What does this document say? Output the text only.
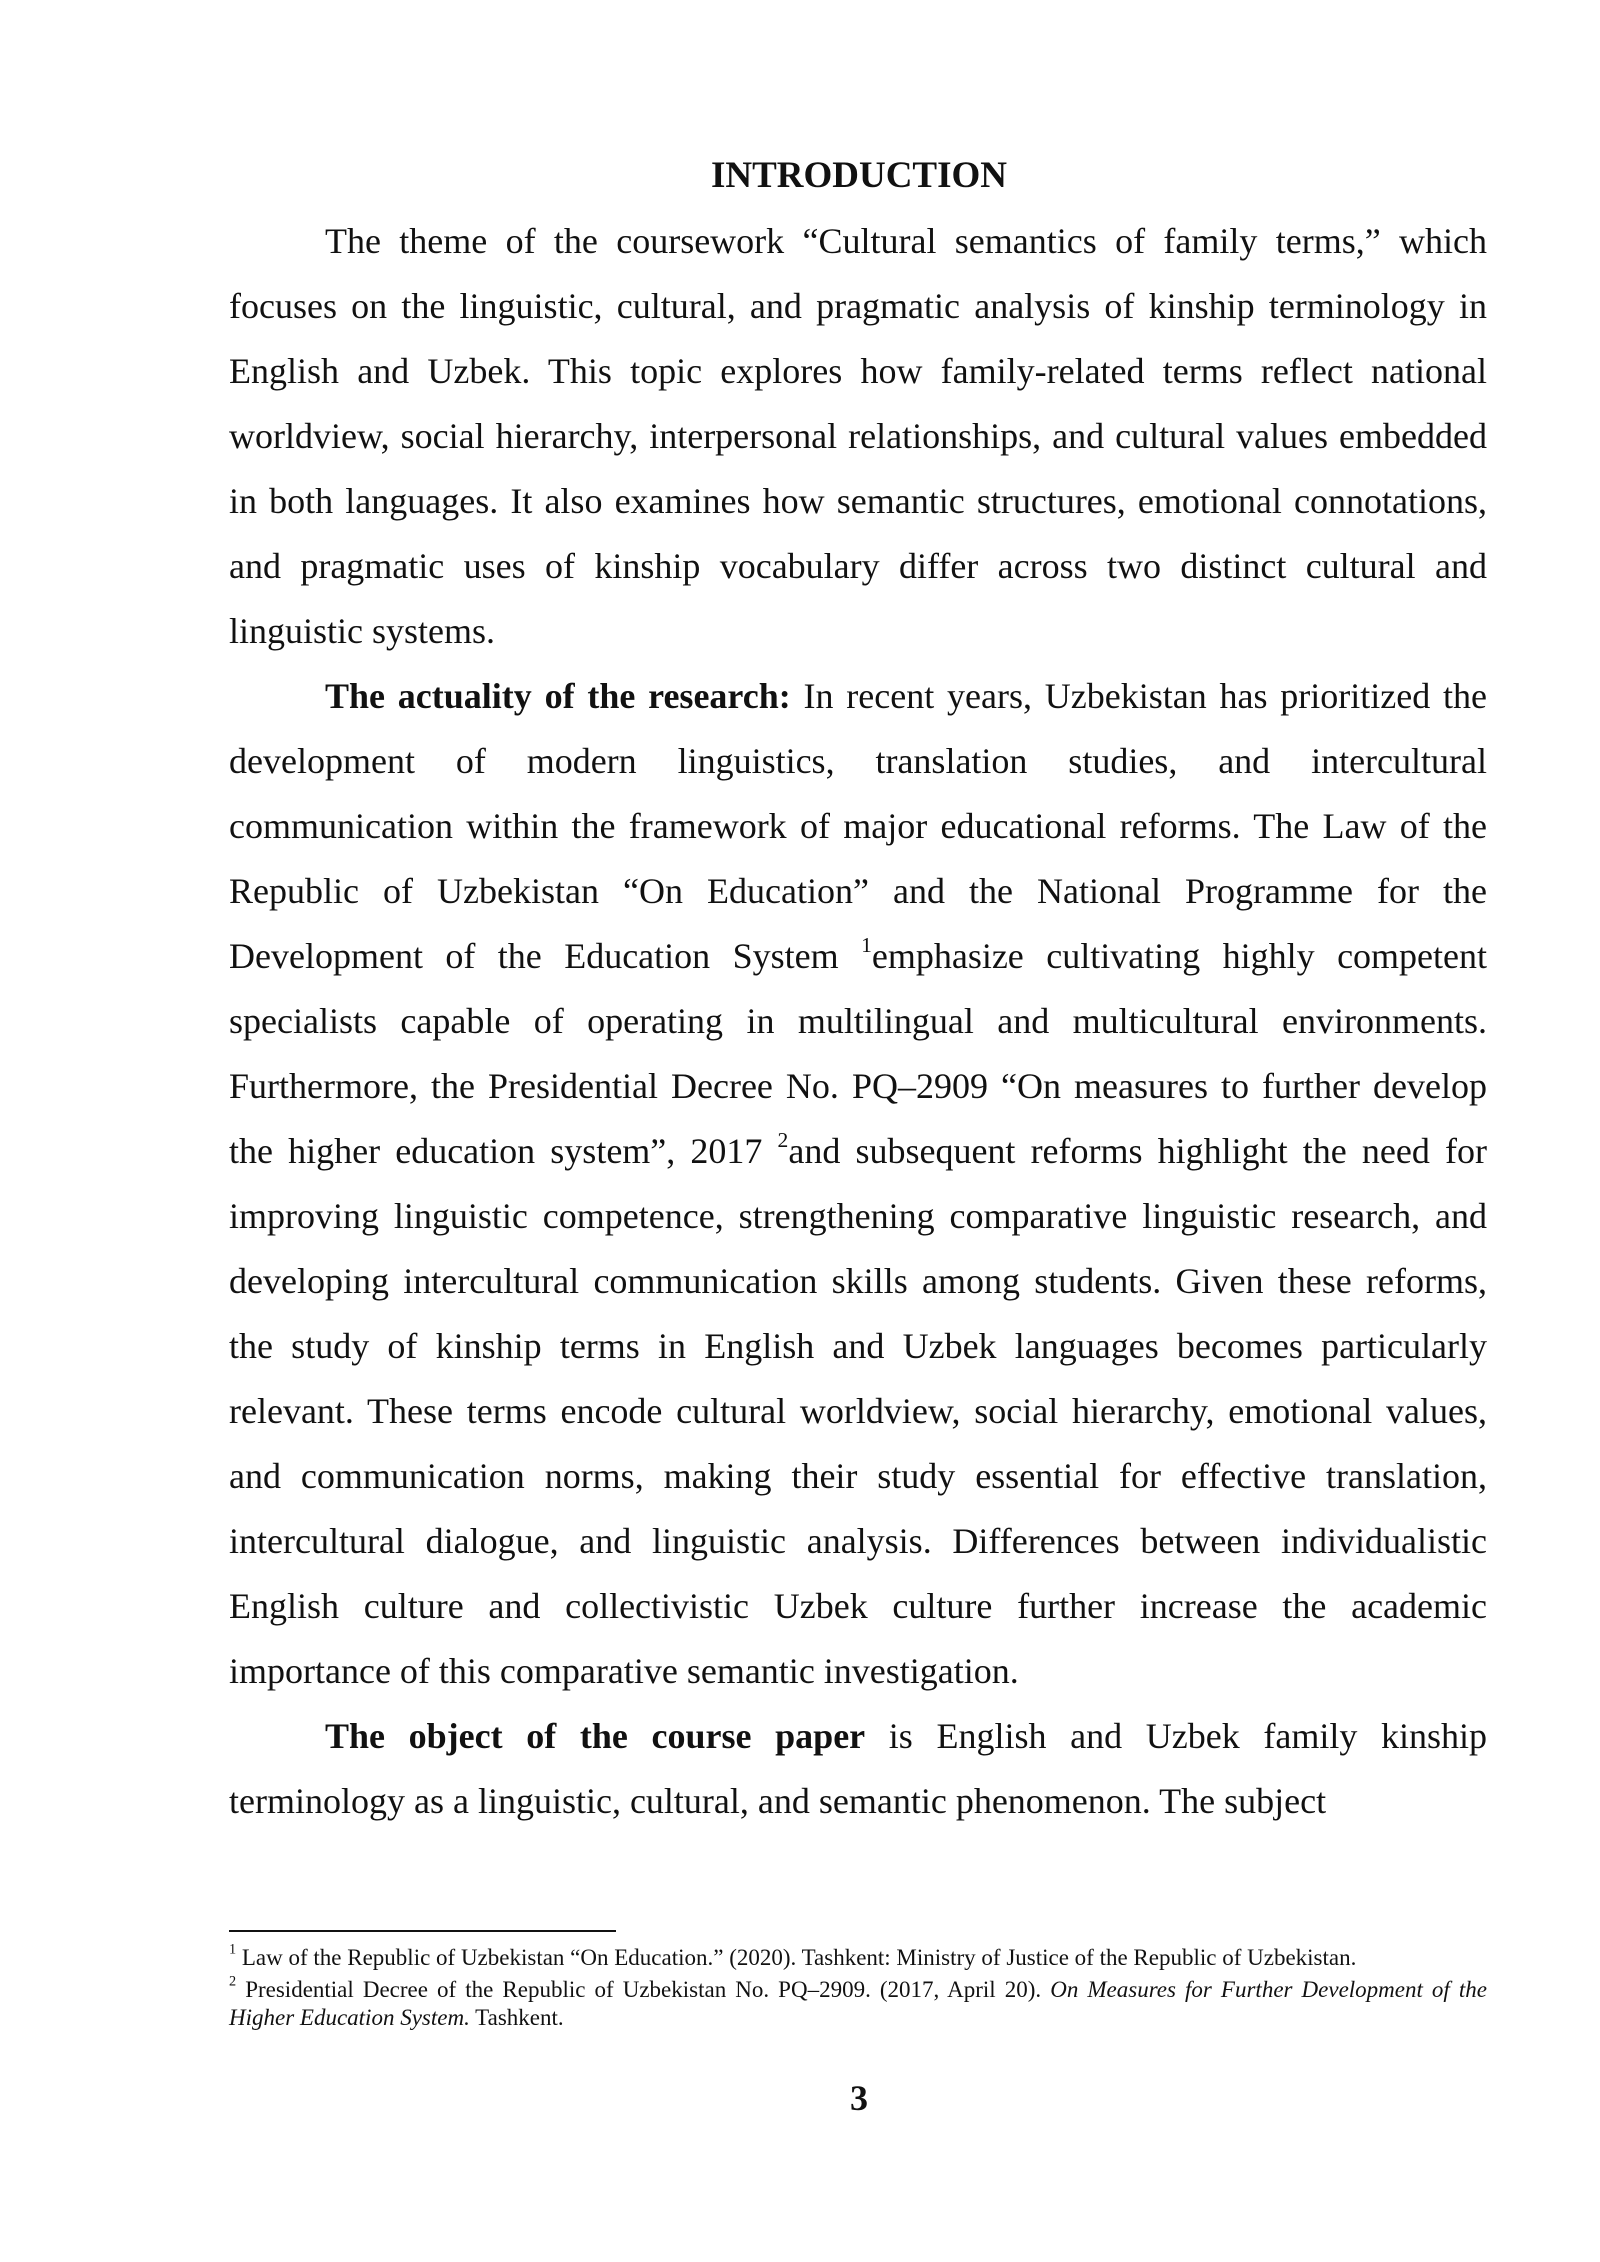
INTRODUCTION

The theme of the coursework “Cultural semantics of family terms,” which focuses on the linguistic, cultural, and pragmatic analysis of kinship terminology in English and Uzbek. This topic explores how family-related terms reflect national worldview, social hierarchy, interpersonal relationships, and cultural values embedded in both languages. It also examines how semantic structures, emotional connotations, and pragmatic uses of kinship vocabulary differ across two distinct cultural and linguistic systems.

The actuality of the research: In recent years, Uzbekistan has prioritized the development of modern linguistics, translation studies, and intercultural communication within the framework of major educational reforms. The Law of the Republic of Uzbekistan “On Education” and the National Programme for the Development of the Education System $^1$emphasize cultivating highly competent specialists capable of operating in multilingual and multicultural environments. Furthermore, the Presidential Decree No. PQ–2909 “On measures to further develop the higher education system”, 2017 $^2$and subsequent reforms highlight the need for improving linguistic competence, strengthening comparative linguistic research, and developing intercultural communication skills among students. Given these reforms, the study of kinship terms in English and Uzbek languages becomes particularly relevant. These terms encode cultural worldview, social hierarchy, emotional values, and communication norms, making their study essential for effective translation, intercultural dialogue, and linguistic analysis. Differences between individualistic English culture and collectivistic Uzbek culture further increase the academic importance of this comparative semantic investigation.

The object of the course paper is English and Uzbek family kinship terminology as a linguistic, cultural, and semantic phenomenon. The subject

$^1$ Law of the Republic of Uzbekistan “On Education.” (2020). Tashkent: Ministry of Justice of the Republic of Uzbekistan.

$^2$ Presidential Decree of the Republic of Uzbekistan No. PQ–2909. (2017, April 20). On Measures for Further Development of the Higher Education System. Tashkent.

3
